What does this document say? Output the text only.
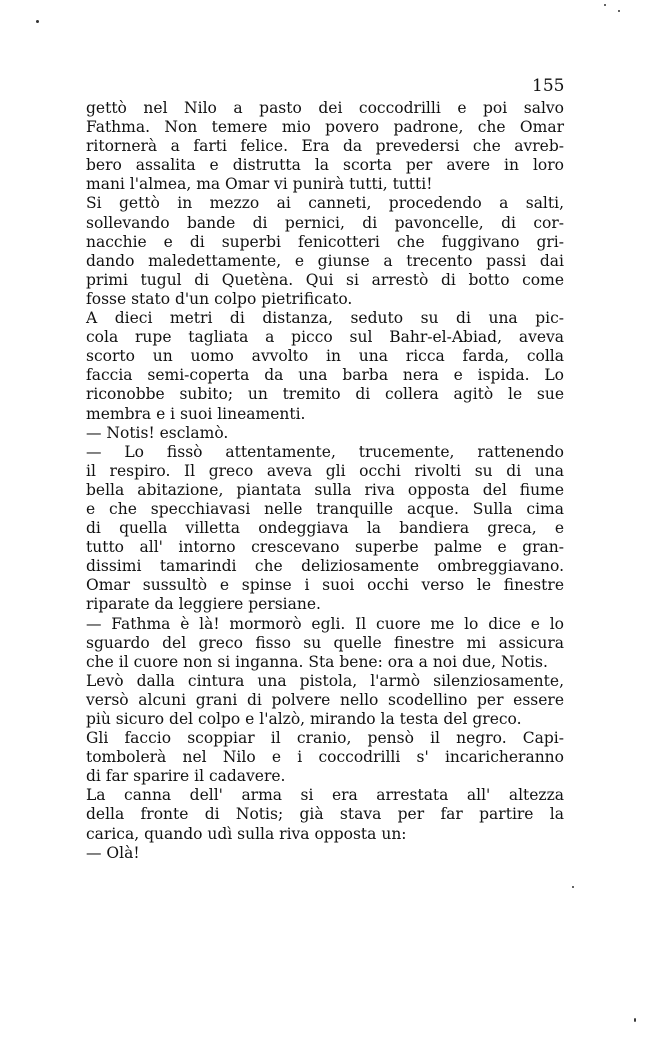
155
gettò nel Nilo a pasto dei coccodrilli e poi salvo
Fathma. Non temere mio povero padrone, che Omar
ritornerà a farti felice. Era da prevedersi che avreb-
bero assalita e distrutta la scorta per avere in loro
mani l'almea, ma Omar vi punirà tutti, tutti!
Si gettò in mezzo ai canneti, procedendo a salti,
sollevando bande di pernici, di pavoncelle, di cor-
nacchie e di superbi fenicotteri che fuggivano gri-
dando maledettamente, e giunse a trecento passi dai
primi tugul di Quetèna. Qui si arrestò di botto come
fosse stato d'un colpo pietrificato.
A dieci metri di distanza, seduto su di una pic-
cola rupe tagliata a picco sul Bahr-el-Abiad, aveva
scorto un uomo avvolto in una ricca farda, colla
faccia semi-coperta da una barba nera e ispida. Lo
riconobbe subito; un tremito di collera agitò le sue
membra e i suoi lineamenti.
— Notis! esclamò.
— Lo fissò attentamente, trucemente, rattenendo
il respiro. Il greco aveva gli occhi rivolti su di una
bella abitazione, piantata sulla riva opposta del fiume
e che specchiavasi nelle tranquille acque. Sulla cima
di quella villetta ondeggiava la bandiera greca, e
tutto all' intorno crescevano superbe palme e gran-
dissimi tamarindi che deliziosamente ombreggiavano.
Omar sussultò e spinse i suoi occhi verso le finestre
riparate da leggiere persiane.
— Fathma è là! mormorò egli. Il cuore me lo dice e lo
sguardo del greco fisso su quelle finestre mi assicura
che il cuore non si inganna. Sta bene: ora a noi due, Notis.
Levò dalla cintura una pistola, l'armò silenziosamente,
versò alcuni grani di polvere nello scodellino per essere
più sicuro del colpo e l'alzò, mirando la testa del greco.
Gli faccio scoppiar il cranio, pensò il negro. Capi-
tombolerà nel Nilo e i coccodrilli s' incaricheranno
di far sparire il cadavere.
La canna dell' arma si era arrestata all' altezza
della fronte di Notis; già stava per far partire la
carica, quando udì sulla riva opposta un:
— Olà!
